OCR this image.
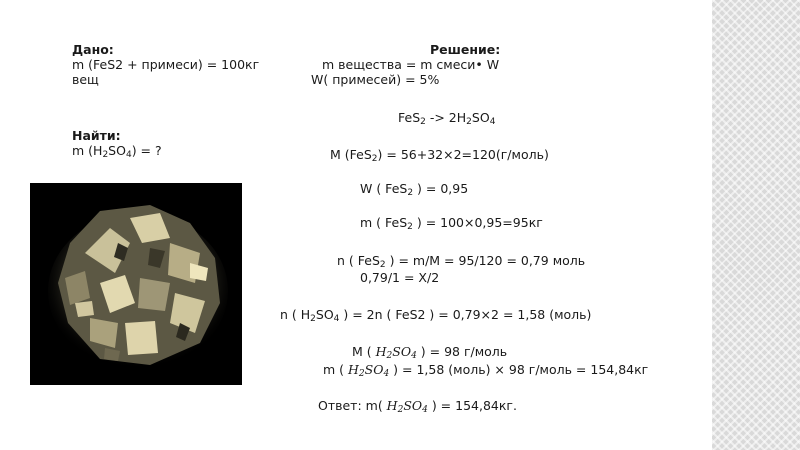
Дано:
m (FeS2 + примеси) = 100кг
вещ
Найти:
m $(H_2SO_4)$ = ?
Решение:
m вещества = m смеси• W
W( примесей) = 5%
$FeS_2 -> 2H_2SO_4$
M (FeS$_2$) = 56+32×2=120(г/моль)
W ( FeS$_2$ ) = 0,95
m ( FeS$_2$ ) = 100×0,95=95кг
n ( FeS$_2$ ) = m/M = 95/120 = 0,79 моль
0,79/1 = X/2
n ( $H_2SO_4$ ) = 2n ( FeS2 ) = 0,79×2 = 1,58 (моль)
M ( $H_2SO_4$ ) = 98 г/моль
m ( $H_2SO_4$ ) = 1,58 (моль) × 98 г/моль = 154,84кг
Ответ: m( $H_2SO_4$ ) = 154,84кг.
